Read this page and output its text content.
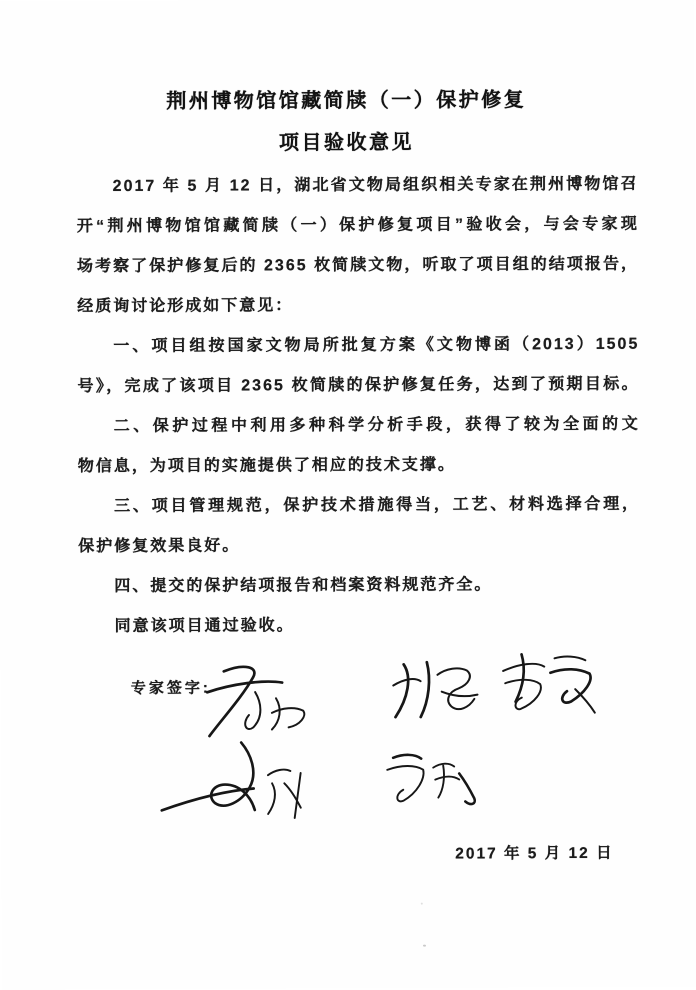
荆州博物馆馆藏简牍（一）保护修复
项目验收意见
2017 年 5 月 12 日，湖北省文物局组织相关专家在荆州博物馆召
开“荆州博物馆馆藏简牍（一）保护修复项目”验收会，与会专家现
场考察了保护修复后的 2365 枚简牍文物，听取了项目组的结项报告，
经质询讨论形成如下意见：
一、项目组按国家文物局所批复方案《文物博函（2013）1505
号》，完成了该项目 2365 枚简牍的保护修复任务，达到了预期目标。
二、保护过程中利用多种科学分析手段，获得了较为全面的文
物信息，为项目的实施提供了相应的技术支撑。
三、项目管理规范，保护技术措施得当，工艺、材料选择合理，
保护修复效果良好。
四、提交的保护结项报告和档案资料规范齐全。
同意该项目通过验收。
专家签字:
2017 年 5 月 12 日
